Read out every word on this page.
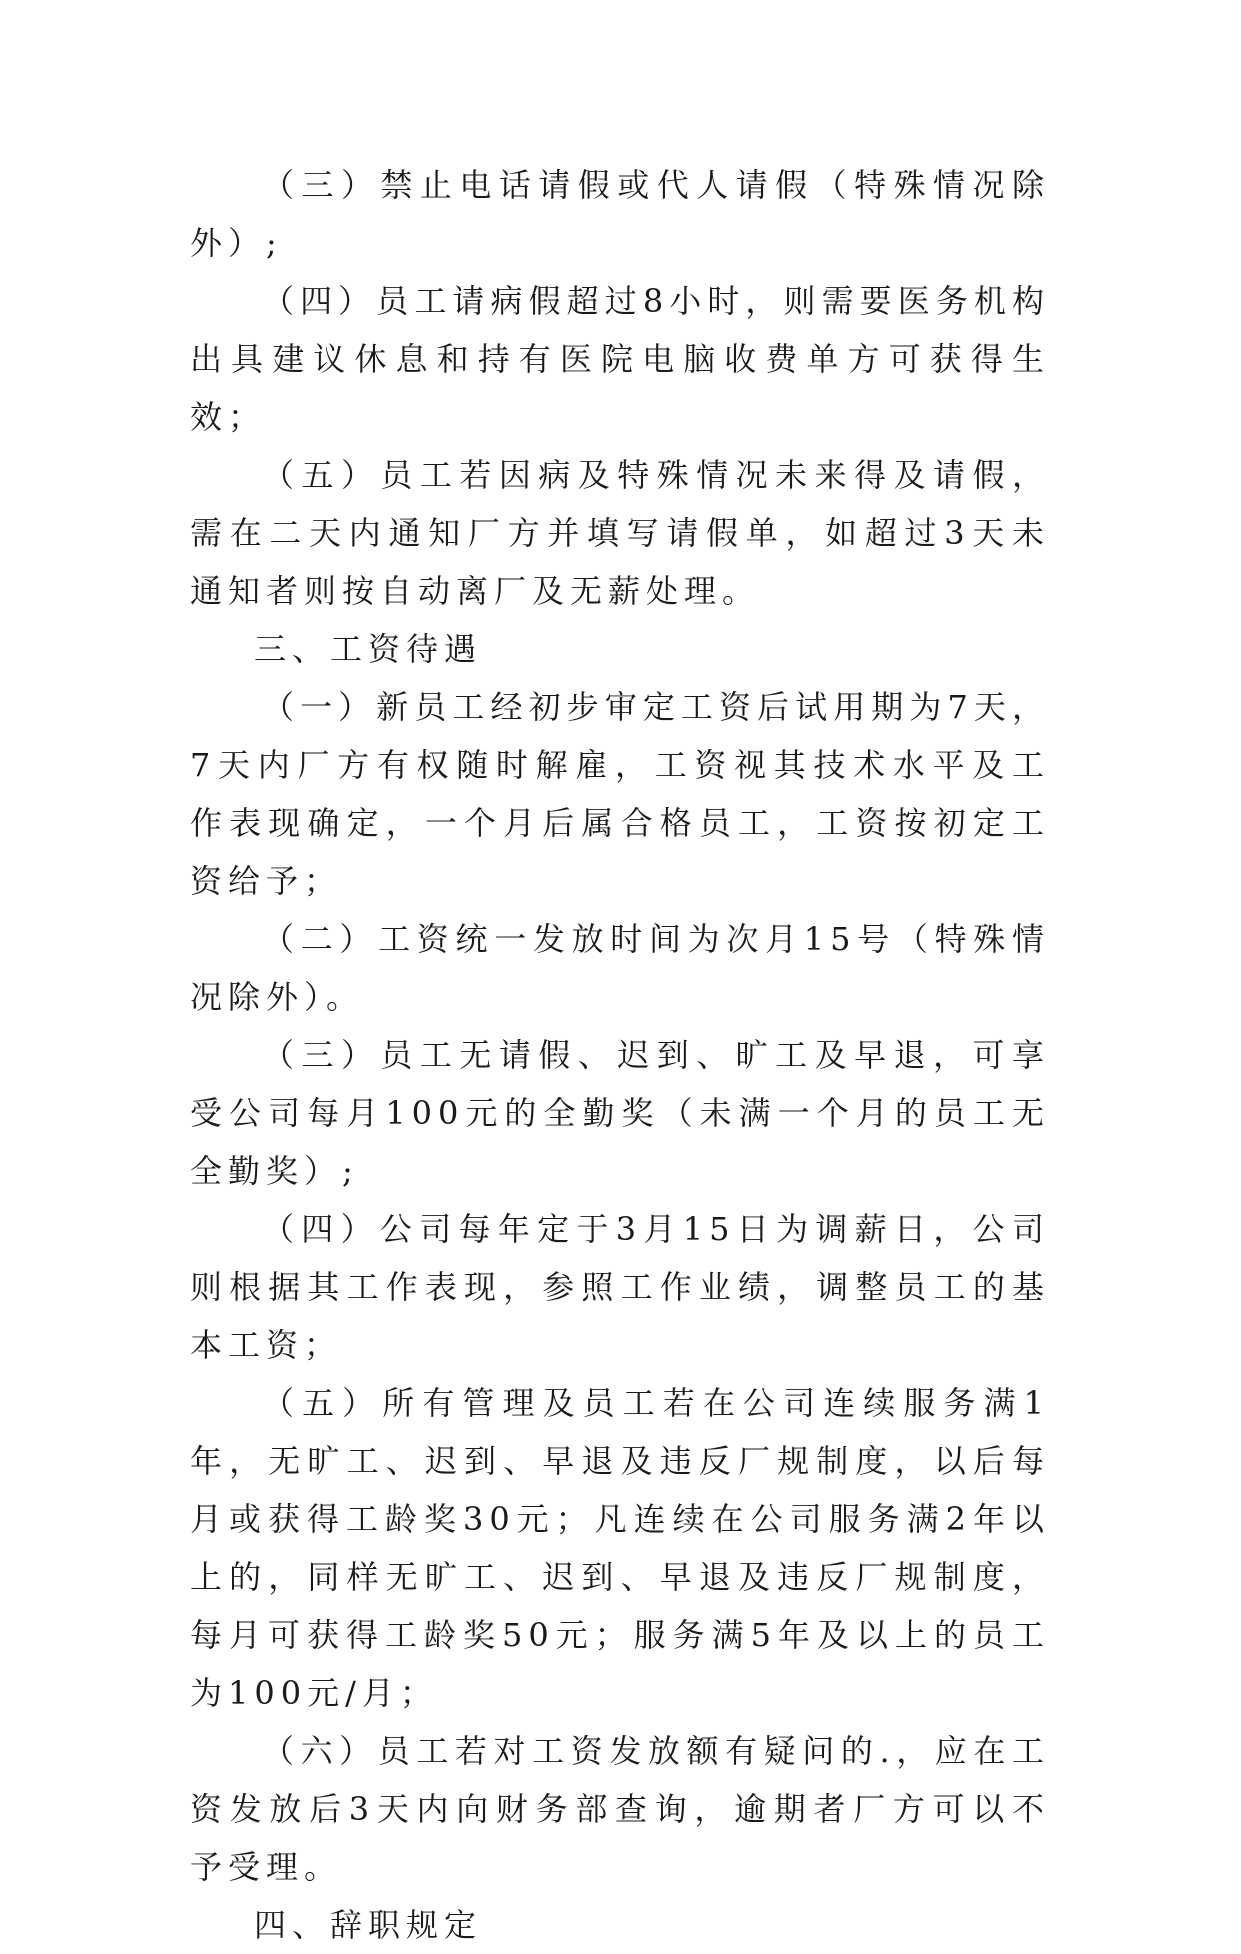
（三）禁止电话请假或代人请假（特殊情况除外）;

（四）员工请病假超过8小时，则需要医务机构出具建议休息和持有医院电脑收费单方可获得生效；

（五）员工若因病及特殊情况未来得及请假，需在二天内通知厂方并填写请假单，如超过3天未通知者则按自动离厂及无薪处理。

三、工资待遇

（一）新员工经初步审定工资后试用期为7天，7天内厂方有权随时解雇，工资视其技术水平及工作表现确定，一个月后属合格员工，工资按初定工资给予；

（二）工资统一发放时间为次月15号（特殊情况除外）。

（三）员工无请假、迟到、旷工及早退，可享受公司每月100元的全勤奖（未满一个月的员工无全勤奖）;

（四）公司每年定于3月15日为调薪日，公司则根据其工作表现，参照工作业绩，调整员工的基本工资；

（五）所有管理及员工若在公司连续服务满1年，无旷工、迟到、早退及违反厂规制度，以后每月或获得工龄奖30元；凡连续在公司服务满2年以上的，同样无旷工、迟到、早退及违反厂规制度，每月可获得工龄奖50元；服务满5年及以上的员工为100元/月；

（六）员工若对工资发放额有疑问的.，应在工资发放后3天内向财务部查询，逾期者厂方可以不予受理。

四、辞职规定
